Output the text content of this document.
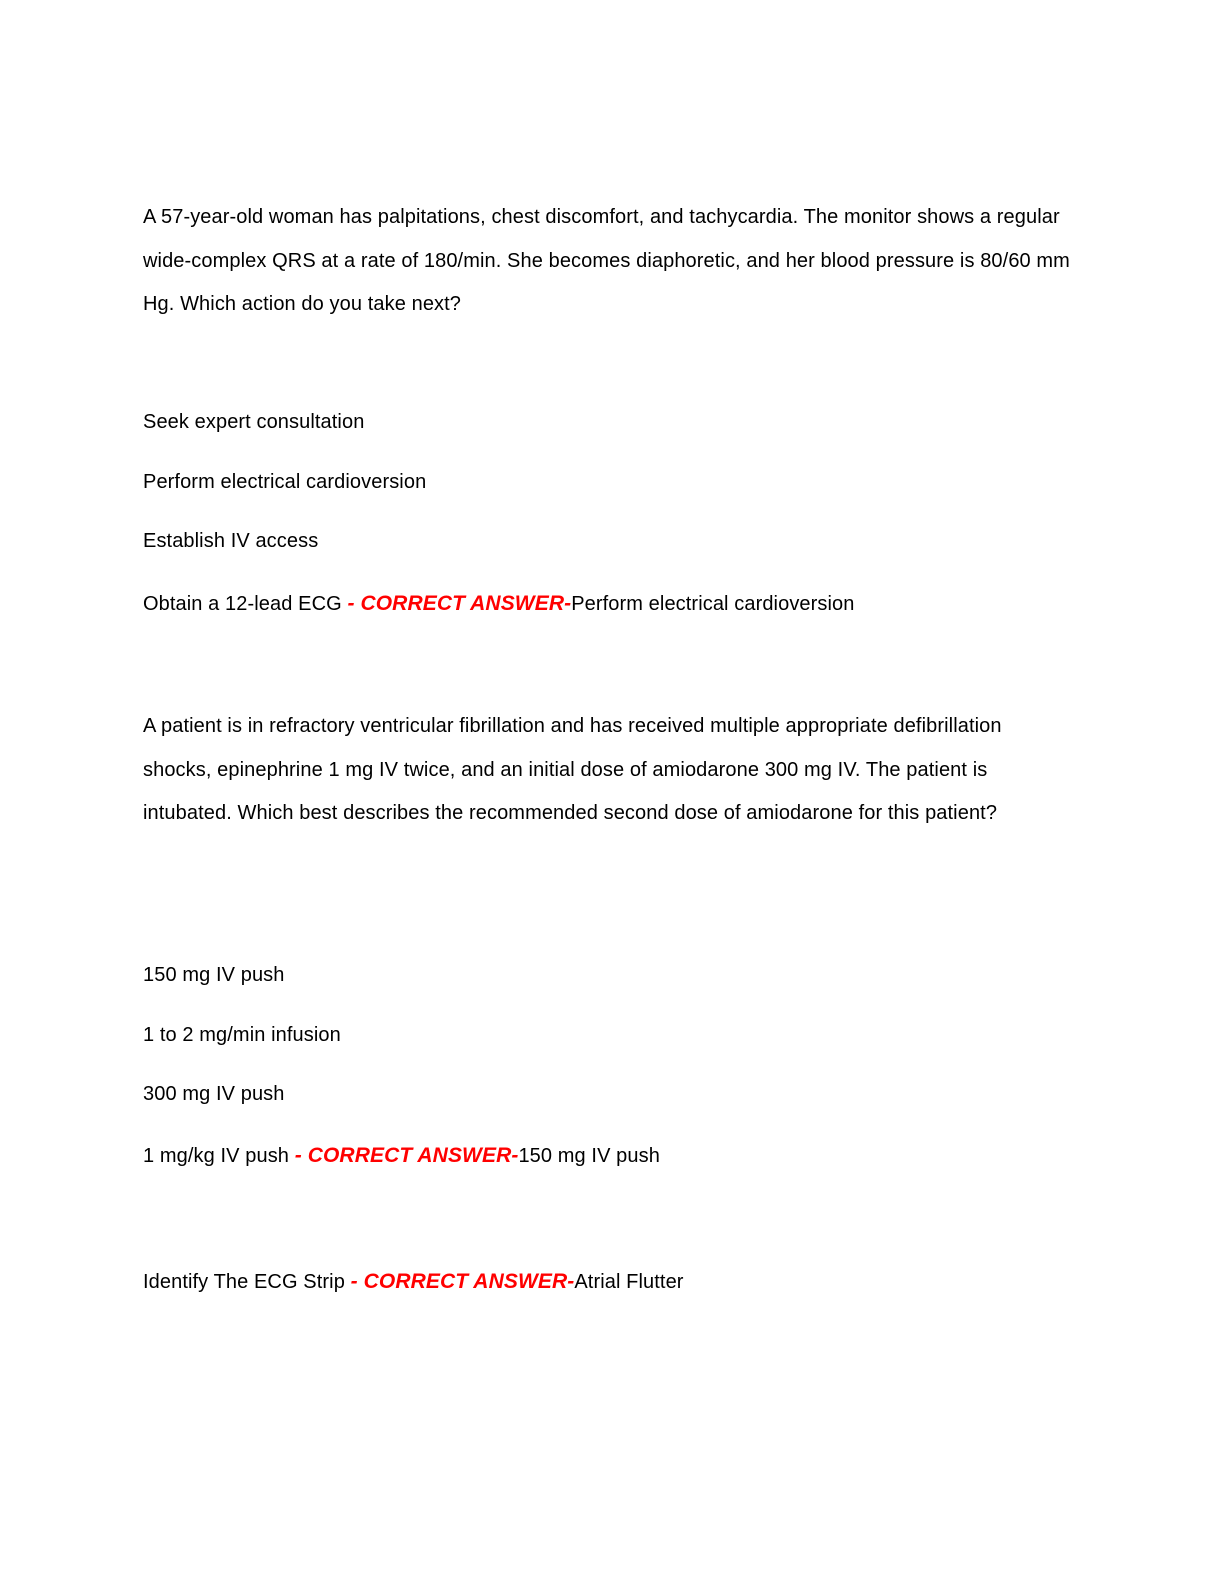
A 57-year-old woman has palpitations, chest discomfort, and tachycardia. The monitor shows a regular wide-complex QRS at a rate of 180/min. She becomes diaphoretic, and her blood pressure is 80/60 mm Hg. Which action do you take next?
Seek expert consultation
Perform electrical cardioversion
Establish IV access
Obtain a 12-lead ECG - CORRECT ANSWER-Perform electrical cardioversion
A patient is in refractory ventricular fibrillation and has received multiple appropriate defibrillation shocks, epinephrine 1 mg IV twice, and an initial dose of amiodarone 300 mg IV. The patient is intubated. Which best describes the recommended second dose of amiodarone for this patient?
150 mg IV push
1 to 2 mg/min infusion
300 mg IV push
1 mg/kg IV push - CORRECT ANSWER-150 mg IV push
Identify The ECG Strip - CORRECT ANSWER-Atrial Flutter
